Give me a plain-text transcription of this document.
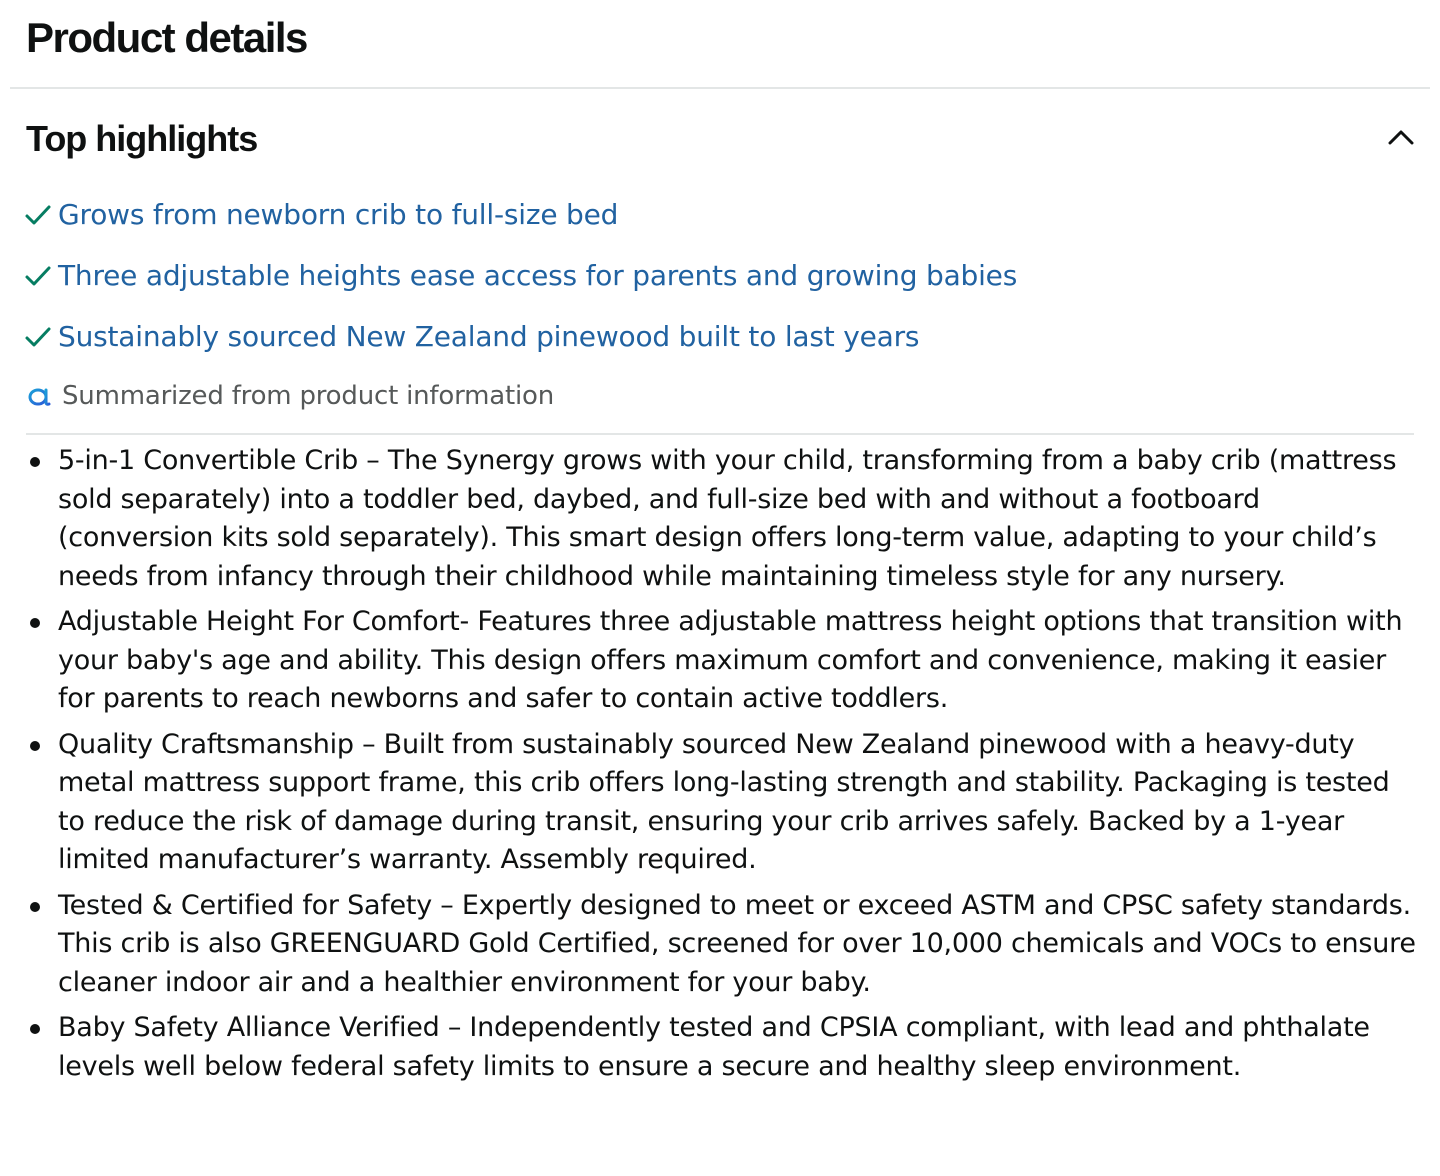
Product details
Top highlights
Grows from newborn crib to full-size bed
Three adjustable heights ease access for parents and growing babies
Sustainably sourced New Zealand pinewood built to last years
Summarized from product information
5-in-1 Convertible Crib – The Synergy grows with your child, transforming from a baby crib (mattress sold separately) into a toddler bed, daybed, and full-size bed with and without a footboard (conversion kits sold separately). This smart design offers long-term value, adapting to your child’s needs from infancy through their childhood while maintaining timeless style for any nursery.
Adjustable Height For Comfort- Features three adjustable mattress height options that transition with your baby's age and ability. This design offers maximum comfort and convenience, making it easier for parents to reach newborns and safer to contain active toddlers.
Quality Craftsmanship – Built from sustainably sourced New Zealand pinewood with a heavy-duty metal mattress support frame, this crib offers long-lasting strength and stability. Packaging is tested to reduce the risk of damage during transit, ensuring your crib arrives safely. Backed by a 1-year limited manufacturer’s warranty. Assembly required.
Tested & Certified for Safety – Expertly designed to meet or exceed ASTM and CPSC safety standards. This crib is also GREENGUARD Gold Certified, screened for over 10,000 chemicals and VOCs to ensure cleaner indoor air and a healthier environment for your baby.
Baby Safety Alliance Verified – Independently tested and CPSIA compliant, with lead and phthalate levels well below federal safety limits to ensure a secure and healthy sleep environment.
